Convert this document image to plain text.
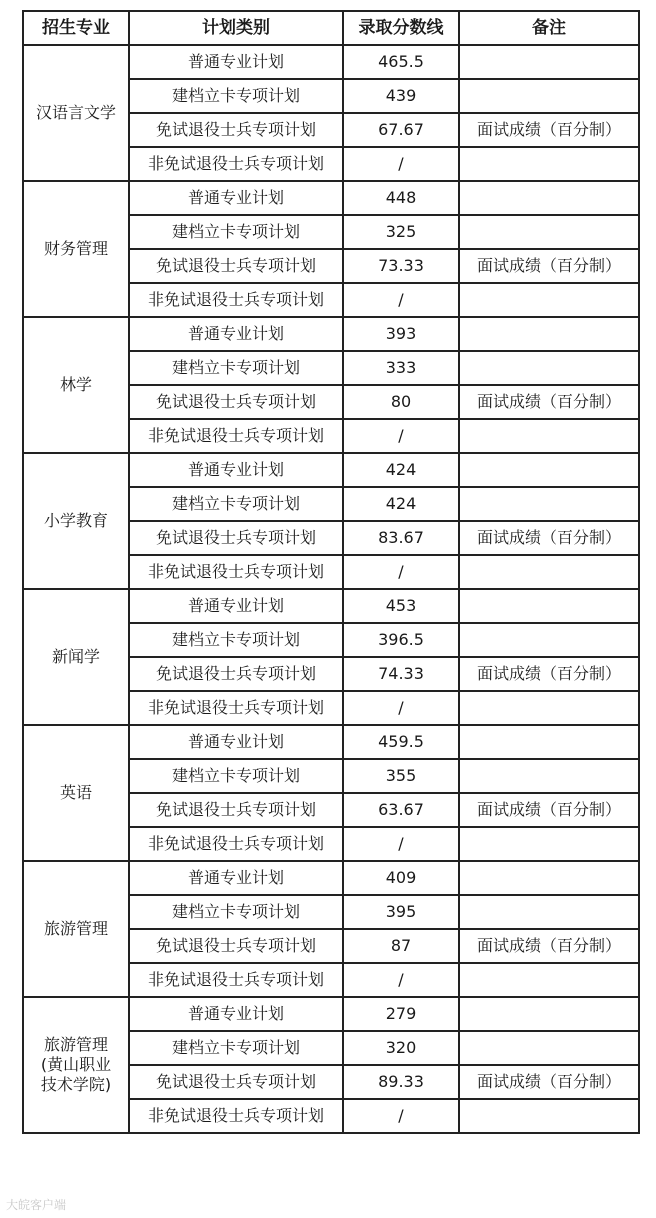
招生专业	计划类别	录取分数线	备注
汉语言文学	普通专业计划	465.5	
	建档立卡专项计划	439	
	免试退役士兵专项计划	67.67	面试成绩（百分制）
	非免试退役士兵专项计划	/	
财务管理	普通专业计划	448	
	建档立卡专项计划	325	
	免试退役士兵专项计划	73.33	面试成绩（百分制）
	非免试退役士兵专项计划	/	
林学	普通专业计划	393	
	建档立卡专项计划	333	
	免试退役士兵专项计划	80	面试成绩（百分制）
	非免试退役士兵专项计划	/	
小学教育	普通专业计划	424	
	建档立卡专项计划	424	
	免试退役士兵专项计划	83.67	面试成绩（百分制）
	非免试退役士兵专项计划	/	
新闻学	普通专业计划	453	
	建档立卡专项计划	396.5	
	免试退役士兵专项计划	74.33	面试成绩（百分制）
	非免试退役士兵专项计划	/	
英语	普通专业计划	459.5	
	建档立卡专项计划	355	
	免试退役士兵专项计划	63.67	面试成绩（百分制）
	非免试退役士兵专项计划	/	
旅游管理	普通专业计划	409	
	建档立卡专项计划	395	
	免试退役士兵专项计划	87	面试成绩（百分制）
	非免试退役士兵专项计划	/	

旅游管理
(黄山职业
技术学院)	普通专业计划	279	
	建档立卡专项计划	320	
	免试退役士兵专项计划	89.33	面试成绩（百分制）
	非免试退役士兵专项计划	/	
大皖客户端
